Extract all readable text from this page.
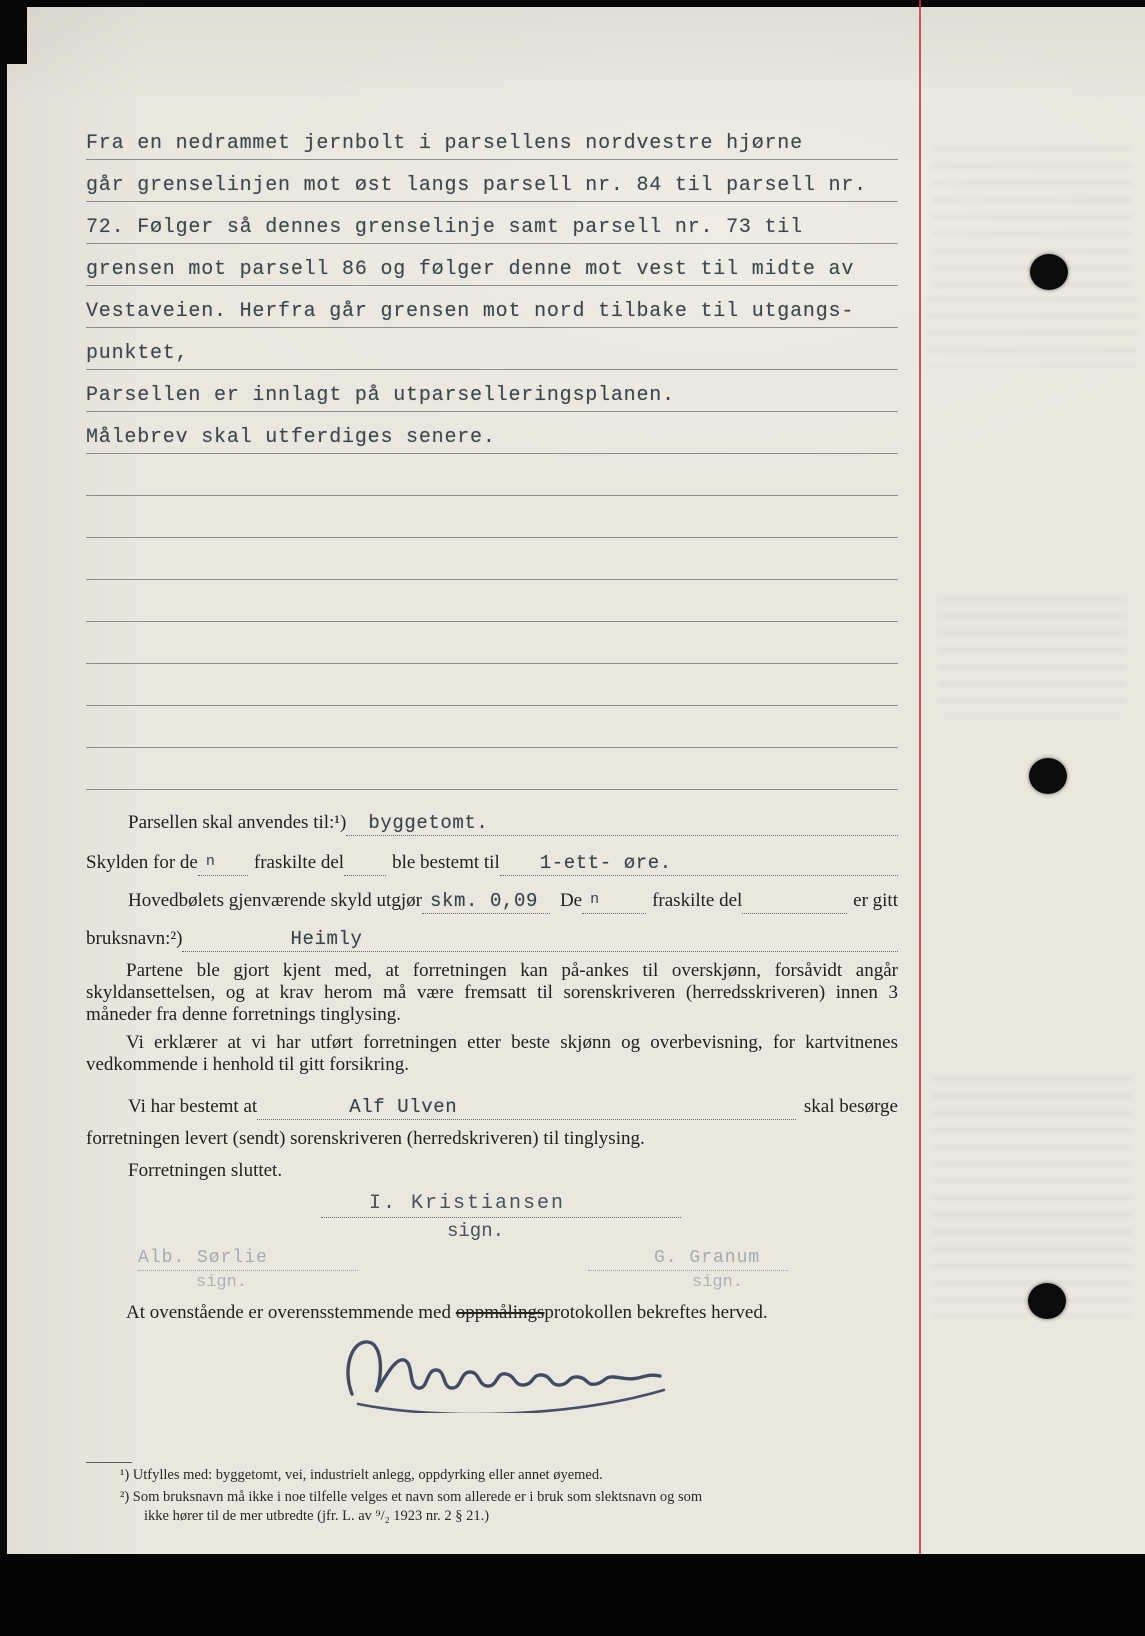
Fra en nedrammet jernbolt i parsellens nordvestre hjørne
går grenselinjen mot øst langs parsell nr. 84 til parsell nr.
72. Følger så dennes grenselinje samt parsell nr. 73 til
grensen mot parsell 86 og følger denne mot vest til midte av
Vestaveien. Herfra går grensen mot nord tilbake til utgangs-
punktet,
Parsellen er innlagt på utparselleringsplanen.
Målebrev skal utferdiges senere.
Parsellen skal anvendes til:¹)	byggetomt.
Skylden for de n	fraskilte del	ble bestemt til	1-ett- øre.
Hovedbølets gjenværende skyld utgjør skm. 0,09	De n	fraskilte del	er gitt
bruksnavn:²)	Heimly
Partene ble gjort kjent med, at forretningen kan på-ankes til overskjønn, forsåvidt angår skyldansettelsen, og at krav herom må være fremsatt til sorenskriveren (herredsskriveren) innen 3 måneder fra denne forretnings tinglysing.
Vi erklærer at vi har utført forretningen etter beste skjønn og overbevisning, for kartvitnenes vedkommende i henhold til gitt forsikring.
Vi har bestemt at	Alf Ulven	skal besørge
forretningen levert (sendt) sorenskriveren (herredskriveren) til tinglysing.
Forretningen sluttet.
I. Kristiansen
sign.
Alb. Sørlie
sign.
G. Granum
sign.
At ovenstående er overensstemmende med oppmålingsprotokollen bekreftes herved.
¹) Utfylles med: byggetomt, vei, industrielt anlegg, oppdyrking eller annet øyemed.
²) Som bruksnavn må ikke i noe tilfelle velges et navn som allerede er i bruk som slektsnavn og som
ikke hører til de mer utbredte (jfr. L. av ⁹/₂ 1923 nr. 2 § 21.)
